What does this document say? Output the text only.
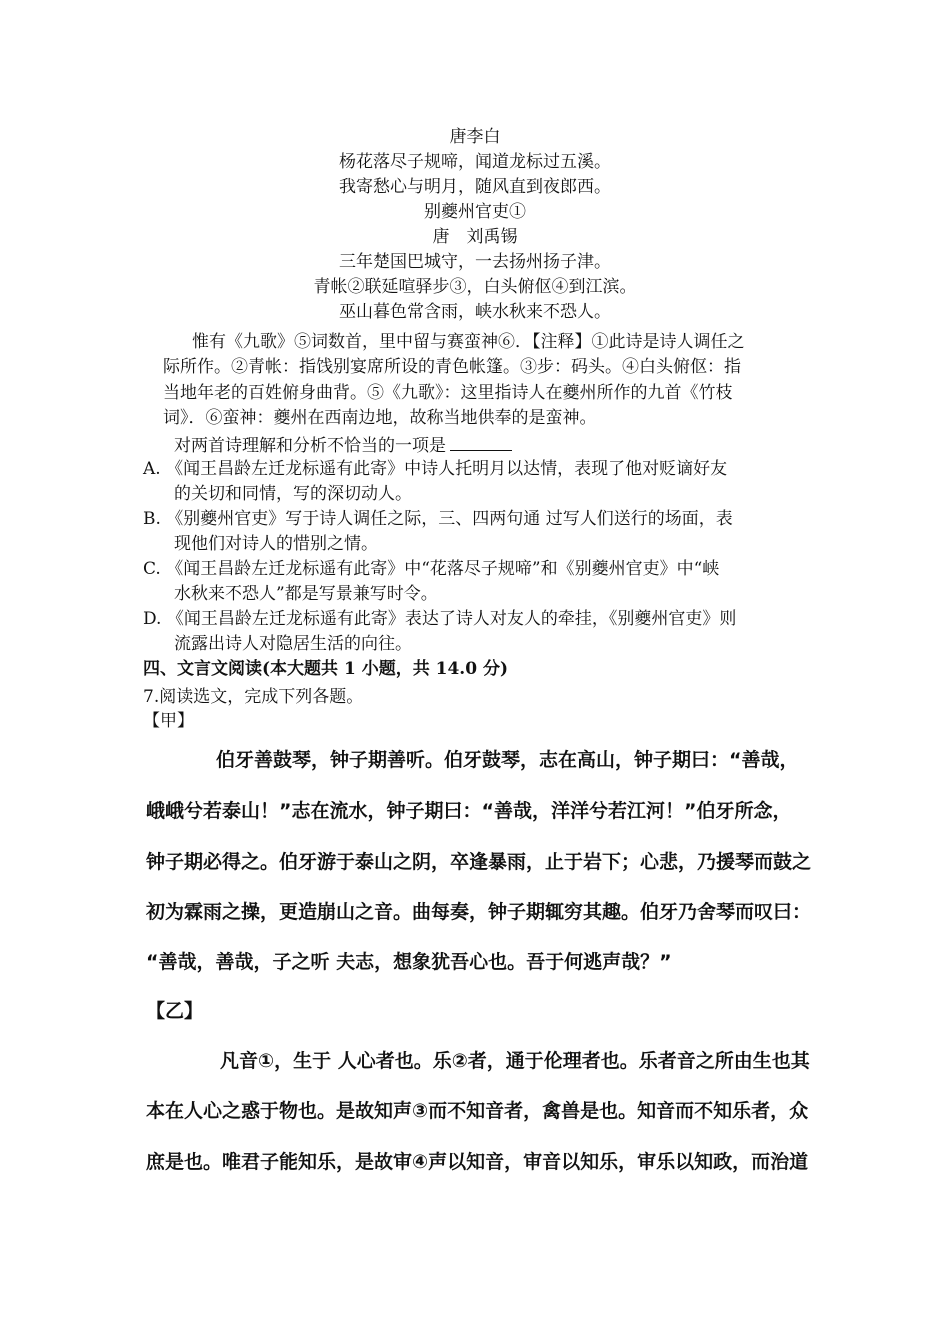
唐李白
杨花落尽子规啼，闻道龙标过五溪。
我寄愁心与明月，随风直到夜郎西。
别夔州官吏①
唐　刘禹锡
三年楚国巴城守，一去扬州扬子津。
青帐②联延喧驿步③，白头俯伛④到江滨。
巫山暮色常含雨，峡水秋来不恐人。
惟有《九歌》⑤词数首，里中留与赛蛮神⑥．【注释】①此诗是诗人调任之
际所作。②青帐：指饯别宴席所设的青色帐篷。③步：码头。④白头俯伛：指
当地年老的百姓俯身曲背。⑤《九歌》：这里指诗人在夔州所作的九首《竹枝
词》．⑥蛮神：夔州在西南边地，故称当地供奉的是蛮神。
对两首诗理解和分析不恰当的一项是
A. 《闻王昌龄左迁龙标遥有此寄》中诗人托明月以达情，表现了他对贬谪好友
的关切和同情，写的深切动人。
B. 《别夔州官吏》写于诗人调任之际，三、四两句通 过写人们送行的场面，表
现他们对诗人的惜别之情。
C. 《闻王昌龄左迁龙标遥有此寄》中“花落尽子规啼”和《别夔州官吏》中“峡
水秋来不恐人”都是写景兼写时令。
D. 《闻王昌龄左迁龙标遥有此寄》表达了诗人对友人的牵挂，《别夔州官吏》则
流露出诗人对隐居生活的向往。
四、文言文阅读(本大题共 1 小题，共 14.0 分)
7.阅读选文，完成下列各题。
【甲】
伯牙善鼓琴，钟子期善听。伯牙鼓琴，志在高山，钟子期曰：“善哉，
峨峨兮若泰山！”志在流水，钟子期曰：“善哉，洋洋兮若江河！”伯牙所念，
钟子期必得之。伯牙游于泰山之阴，卒逢暴雨，止于岩下；心悲，乃援琴而鼓之
初为霖雨之操，更造崩山之音。曲每奏，钟子期辄穷其趣。伯牙乃舍琴而叹曰：
“善哉，善哉，子之听 夫志，想象犹吾心也。吾于何逃声哉？”
【乙】
凡音①，生于 人心者也。乐②者，通于伦理者也。乐者音之所由生也其
本在人心之惑于物也。是故知声③而不知音者，禽兽是也。知音而不知乐者，众
庶是也。唯君子能知乐，是故审④声以知音，审音以知乐，审乐以知政，而治道
